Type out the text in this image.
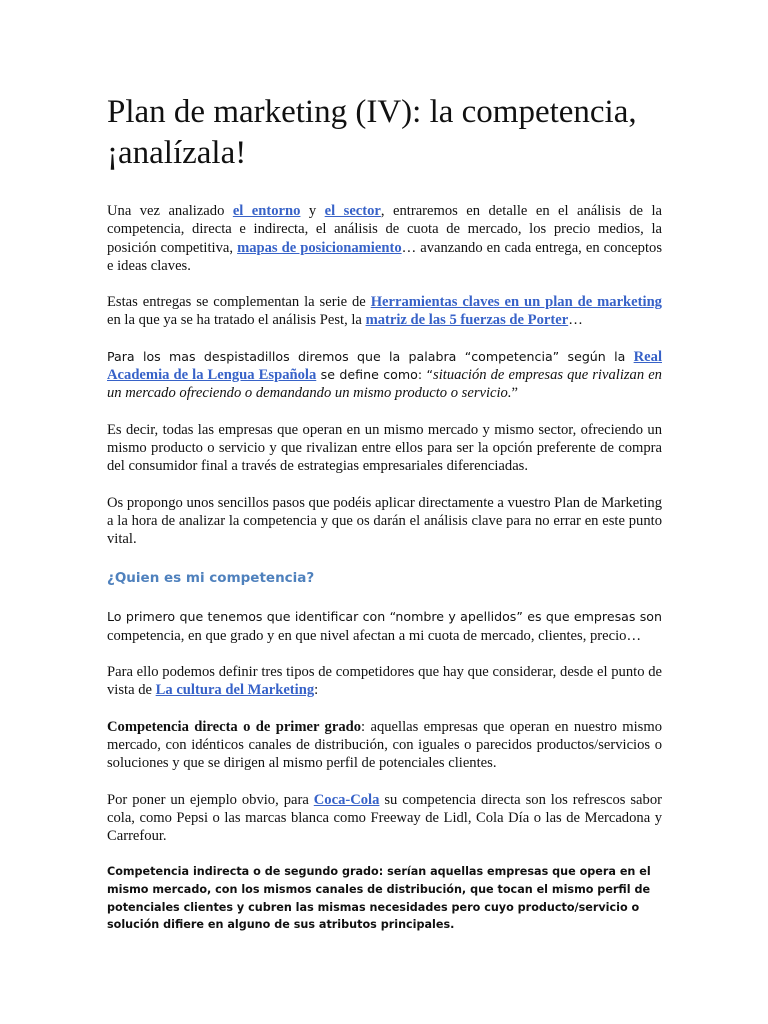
Plan de marketing (IV): la competencia,
¡analízala!

Una vez analizado el entorno y el sector, entraremos en detalle en el análisis de la competencia, directa e indirecta, el análisis de cuota de mercado, los precio medios, la posición competitiva, mapas de posicionamiento… avanzando en cada entrega, en conceptos e ideas claves.

Estas entregas se complementan la serie de Herramientas claves en un plan de marketing en la que ya se ha tratado el análisis Pest, la matriz de las 5 fuerzas de Porter…

Para los mas despistadillos diremos que la palabra “competencia” según la Real Academia de la Lengua Española se define como: “situación de empresas que rivalizan en un mercado ofreciendo o demandando un mismo producto o servicio.”

Es decir, todas las empresas que operan en un mismo mercado y mismo sector, ofreciendo un mismo producto o servicio y que rivalizan entre ellos para ser la opción preferente de compra del consumidor final a través de estrategias empresariales diferenciadas.

Os propongo unos sencillos pasos que podéis aplicar directamente a vuestro Plan de Marketing a la hora de analizar la competencia y que os darán el análisis clave para no errar en este punto vital.

¿Quien es mi competencia?

Lo primero que tenemos que identificar con “nombre y apellidos” es que empresas son competencia, en que grado y en que nivel afectan a mi cuota de mercado, clientes, precio…

Para ello podemos definir tres tipos de competidores que hay que considerar, desde el punto de vista de La cultura del Marketing:

Competencia directa o de primer grado: aquellas empresas que operan en nuestro mismo mercado, con idénticos canales de distribución, con iguales o parecidos productos/servicios o soluciones y que se dirigen al mismo perfil de potenciales clientes.

Por poner un ejemplo obvio, para Coca-Cola su competencia directa son los refrescos sabor cola, como Pepsi o las marcas blanca como Freeway de Lidl, Cola Día o las de Mercadona y Carrefour.

Competencia indirecta o de segundo grado: serían aquellas empresas que opera en el mismo mercado, con los mismos canales de distribución, que tocan el mismo perfil de potenciales clientes y cubren las mismas necesidades pero cuyo producto/servicio o solución difiere en alguno de sus atributos principales.
